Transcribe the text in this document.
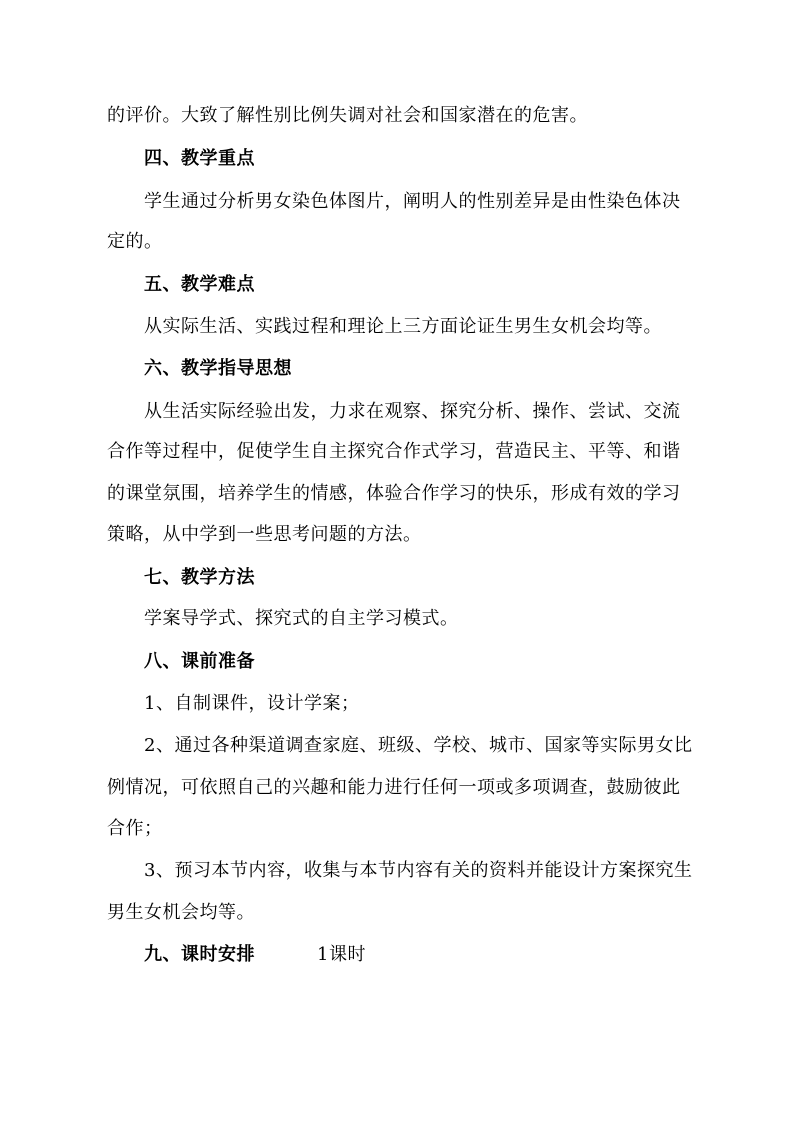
的评价。大致了解性别比例失调对社会和国家潜在的危害。
四、教学重点
学生通过分析男女染色体图片，阐明人的性别差异是由性染色体决
定的。
五、教学难点
从实际生活、实践过程和理论上三方面论证生男生女机会均等。
六、教学指导思想
从生活实际经验出发，力求在观察、探究分析、操作、尝试、交流
合作等过程中，促使学生自主探究合作式学习，营造民主、平等、和谐
的课堂氛围，培养学生的情感，体验合作学习的快乐，形成有效的学习
策略，从中学到一些思考问题的方法。
七、教学方法
学案导学式、探究式的自主学习模式。
八、课前准备
1、自制课件，设计学案；
2、通过各种渠道调查家庭、班级、学校、城市、国家等实际男女比
例情况，可依照自己的兴趣和能力进行任何一项或多项调查，鼓励彼此
合作；
3、预习本节内容，收集与本节内容有关的资料并能设计方案探究生
男生女机会均等。
九、课时安排	1课时
